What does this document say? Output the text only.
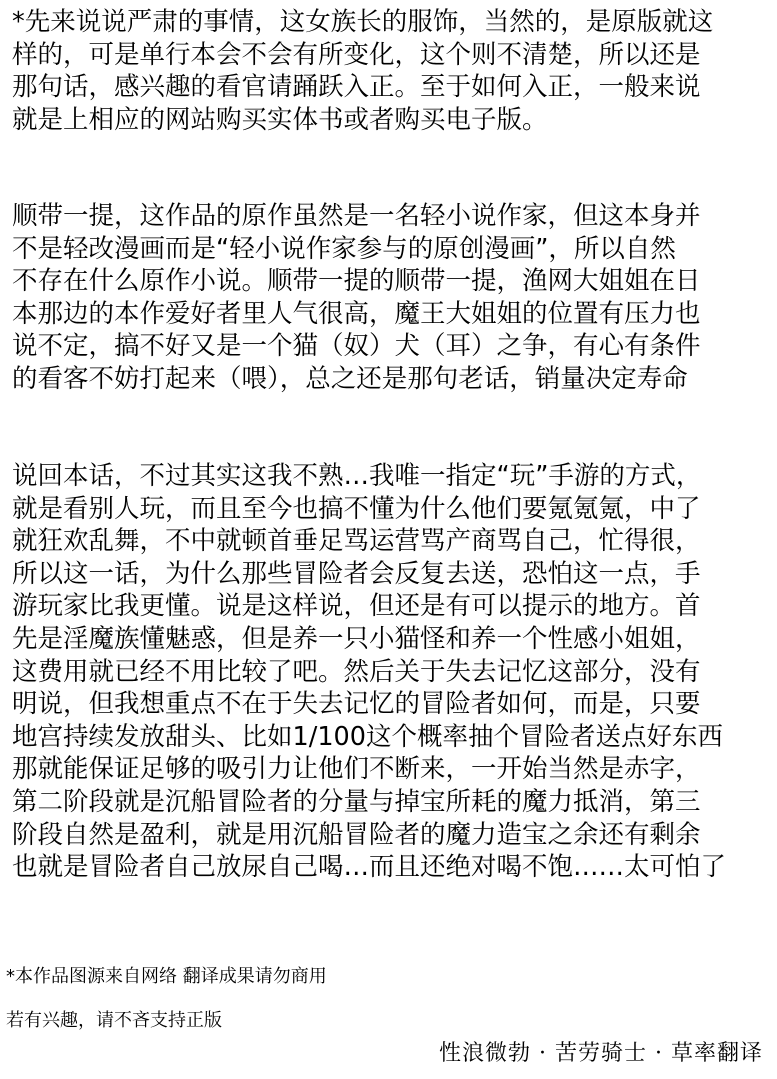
*先来说说严肃的事情，这女族长的服饰，当然的，是原版就这
样的，可是单行本会不会有所变化，这个则不清楚，所以还是
那句话，感兴趣的看官请踊跃入正。至于如何入正，一般来说
就是上相应的网站购买实体书或者购买电子版。

顺带一提，这作品的原作虽然是一名轻小说作家，但这本身并
不是轻改漫画而是“轻小说作家参与的原创漫画”，所以自然
不存在什么原作小说。顺带一提的顺带一提，渔网大姐姐在日
本那边的本作爱好者里人气很高，魔王大姐姐的位置有压力也
说不定，搞不好又是一个猫（奴）犬（耳）之争，有心有条件
的看客不妨打起来（喂），总之还是那句老话，销量决定寿命

说回本话，不过其实这我不熟…我唯一指定“玩”手游的方式，
就是看别人玩，而且至今也搞不懂为什么他们要氪氪氪，中了
就狂欢乱舞，不中就顿首垂足骂运营骂产商骂自己，忙得很，
所以这一话，为什么那些冒险者会反复去送，恐怕这一点，手
游玩家比我更懂。说是这样说，但还是有可以提示的地方。首
先是淫魔族懂魅惑，但是养一只小猫怪和养一个性感小姐姐，
这费用就已经不用比较了吧。然后关于失去记忆这部分，没有
明说，但我想重点不在于失去记忆的冒险者如何，而是，只要
地宫持续发放甜头、比如1/100这个概率抽个冒险者送点好东西
那就能保证足够的吸引力让他们不断来，一开始当然是赤字，
第二阶段就是沉船冒险者的分量与掉宝所耗的魔力抵消，第三
阶段自然是盈利，就是用沉船冒险者的魔力造宝之余还有剩余
也就是冒险者自己放尿自己喝…而且还绝对喝不饱……太可怕了

*本作品图源来自网络 翻译成果请勿商用

若有兴趣，请不吝支持正版

性浪微勃 · 苦劳骑士 · 草率翻译
